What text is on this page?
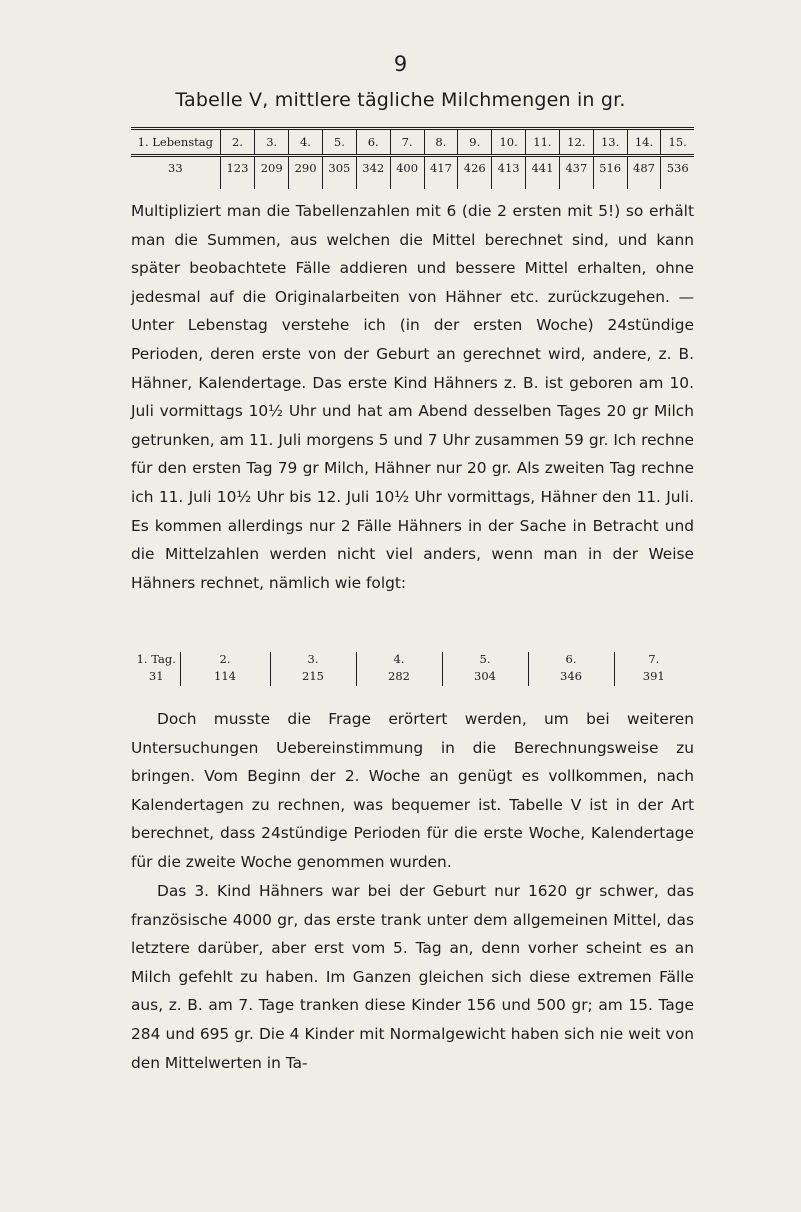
9
Tabelle V, mittlere tägliche Milchmengen in gr.
1. Lebenstag	2.	3.	4.	5.	6.	7.	8.	9.	10.	11.	12.	13.	14.	15.
33	123	209	290	305	342	400	417	426	413	441	437	516	487	536

Multipliziert man die Tabellenzahlen mit 6 (die 2 ersten mit 5!) so erhält man die Summen, aus welchen die Mittel berechnet sind, und kann später beobachtete Fälle addieren und bessere Mittel erhalten, ohne jedesmal auf die Originalarbeiten von Hähner etc. zurückzugehen. — Unter Lebenstag verstehe ich (in der ersten Woche) 24stündige Perioden, deren erste von der Geburt an gerechnet wird, andere, z. B. Hähner, Kalendertage. Das erste Kind Hähners z. B. ist geboren am 10. Juli vormittags 10½ Uhr und hat am Abend desselben Tages 20 gr Milch getrunken, am 11. Juli morgens 5 und 7 Uhr zusammen 59 gr. Ich rechne für den ersten Tag 79 gr Milch, Hähner nur 20 gr. Als zweiten Tag rechne ich 11. Juli 10½ Uhr bis 12. Juli 10½ Uhr vormittags, Hähner den 11. Juli. Es kommen allerdings nur 2 Fälle Hähners in der Sache in Betracht und die Mittelzahlen werden nicht viel anders, wenn man in der Weise Hähners rechnet, nämlich wie folgt:

1. Tag.	2.	3.	4.	5.	6.	7.
31	114	215	282	304	346	391

Doch musste die Frage erörtert werden, um bei weiteren Untersuchungen Uebereinstimmung in die Berechnungsweise zu bringen. Vom Beginn der 2. Woche an genügt es vollkommen, nach Kalendertagen zu rechnen, was bequemer ist. Tabelle V ist in der Art berechnet, dass 24stündige Perioden für die erste Woche, Kalendertage für die zweite Woche genommen wurden.

Das 3. Kind Hähners war bei der Geburt nur 1620 gr schwer, das französische 4000 gr, das erste trank unter dem allgemeinen Mittel, das letztere darüber, aber erst vom 5. Tag an, denn vorher scheint es an Milch gefehlt zu haben. Im Ganzen gleichen sich diese extremen Fälle aus, z. B. am 7. Tage tranken diese Kinder 156 und 500 gr; am 15. Tage 284 und 695 gr. Die 4 Kinder mit Normalgewicht haben sich nie weit von den Mittelwerten in Ta-
